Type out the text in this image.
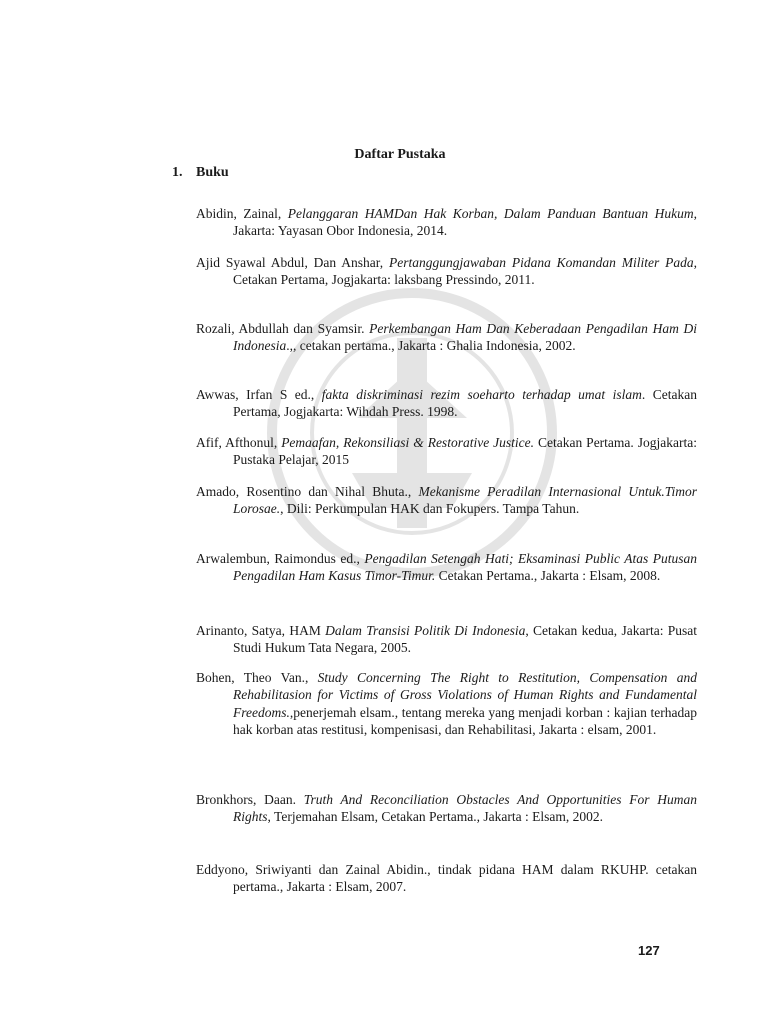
Daftar Pustaka
1. Buku
Abidin, Zainal, Pelanggaran HAMDan Hak Korban, Dalam Panduan Bantuan Hukum, Jakarta: Yayasan Obor Indonesia, 2014.
Ajid Syawal Abdul, Dan Anshar, Pertanggungjawaban Pidana Komandan Militer Pada, Cetakan Pertama, Jogjakarta: laksbang Pressindo, 2011.
Rozali, Abdullah dan Syamsir. Perkembangan Ham Dan Keberadaan Pengadilan Ham Di Indonesia.,, cetakan pertama., Jakarta : Ghalia Indonesia, 2002.
Awwas, Irfan S ed., fakta diskriminasi rezim soeharto terhadap umat islam. Cetakan Pertama, Jogjakarta: Wihdah Press. 1998.
Afif, Afthonul, Pemaafan, Rekonsiliasi & Restorative Justice. Cetakan Pertama. Jogjakarta: Pustaka Pelajar, 2015
Amado, Rosentino dan Nihal Bhuta., Mekanisme Peradilan Internasional Untuk.Timor Lorosae., Dili: Perkumpulan HAK dan Fokupers. Tampa Tahun.
Arwalembun, Raimondus ed., Pengadilan Setengah Hati; Eksaminasi Public Atas Putusan Pengadilan Ham Kasus Timor-Timur. Cetakan Pertama., Jakarta : Elsam, 2008.
Arinanto, Satya, HAM Dalam Transisi Politik Di Indonesia, Cetakan kedua, Jakarta: Pusat Studi Hukum Tata Negara, 2005.
Bohen, Theo Van., Study Concerning The Right to Restitution, Compensation and Rehabilitasion for Victims of Gross Violations of Human Rights and Fundamental Freedoms.,penerjemah elsam., tentang mereka yang menjadi korban : kajian terhadap hak korban atas restitusi, kompenisasi, dan Rehabilitasi, Jakarta : elsam, 2001.
Bronkhors, Daan. Truth And Reconciliation Obstacles And Opportunities For Human Rights, Terjemahan Elsam, Cetakan Pertama., Jakarta : Elsam, 2002.
Eddyono, Sriwiyanti dan Zainal Abidin., tindak pidana HAM dalam RKUHP. cetakan pertama., Jakarta : Elsam, 2007.
127
